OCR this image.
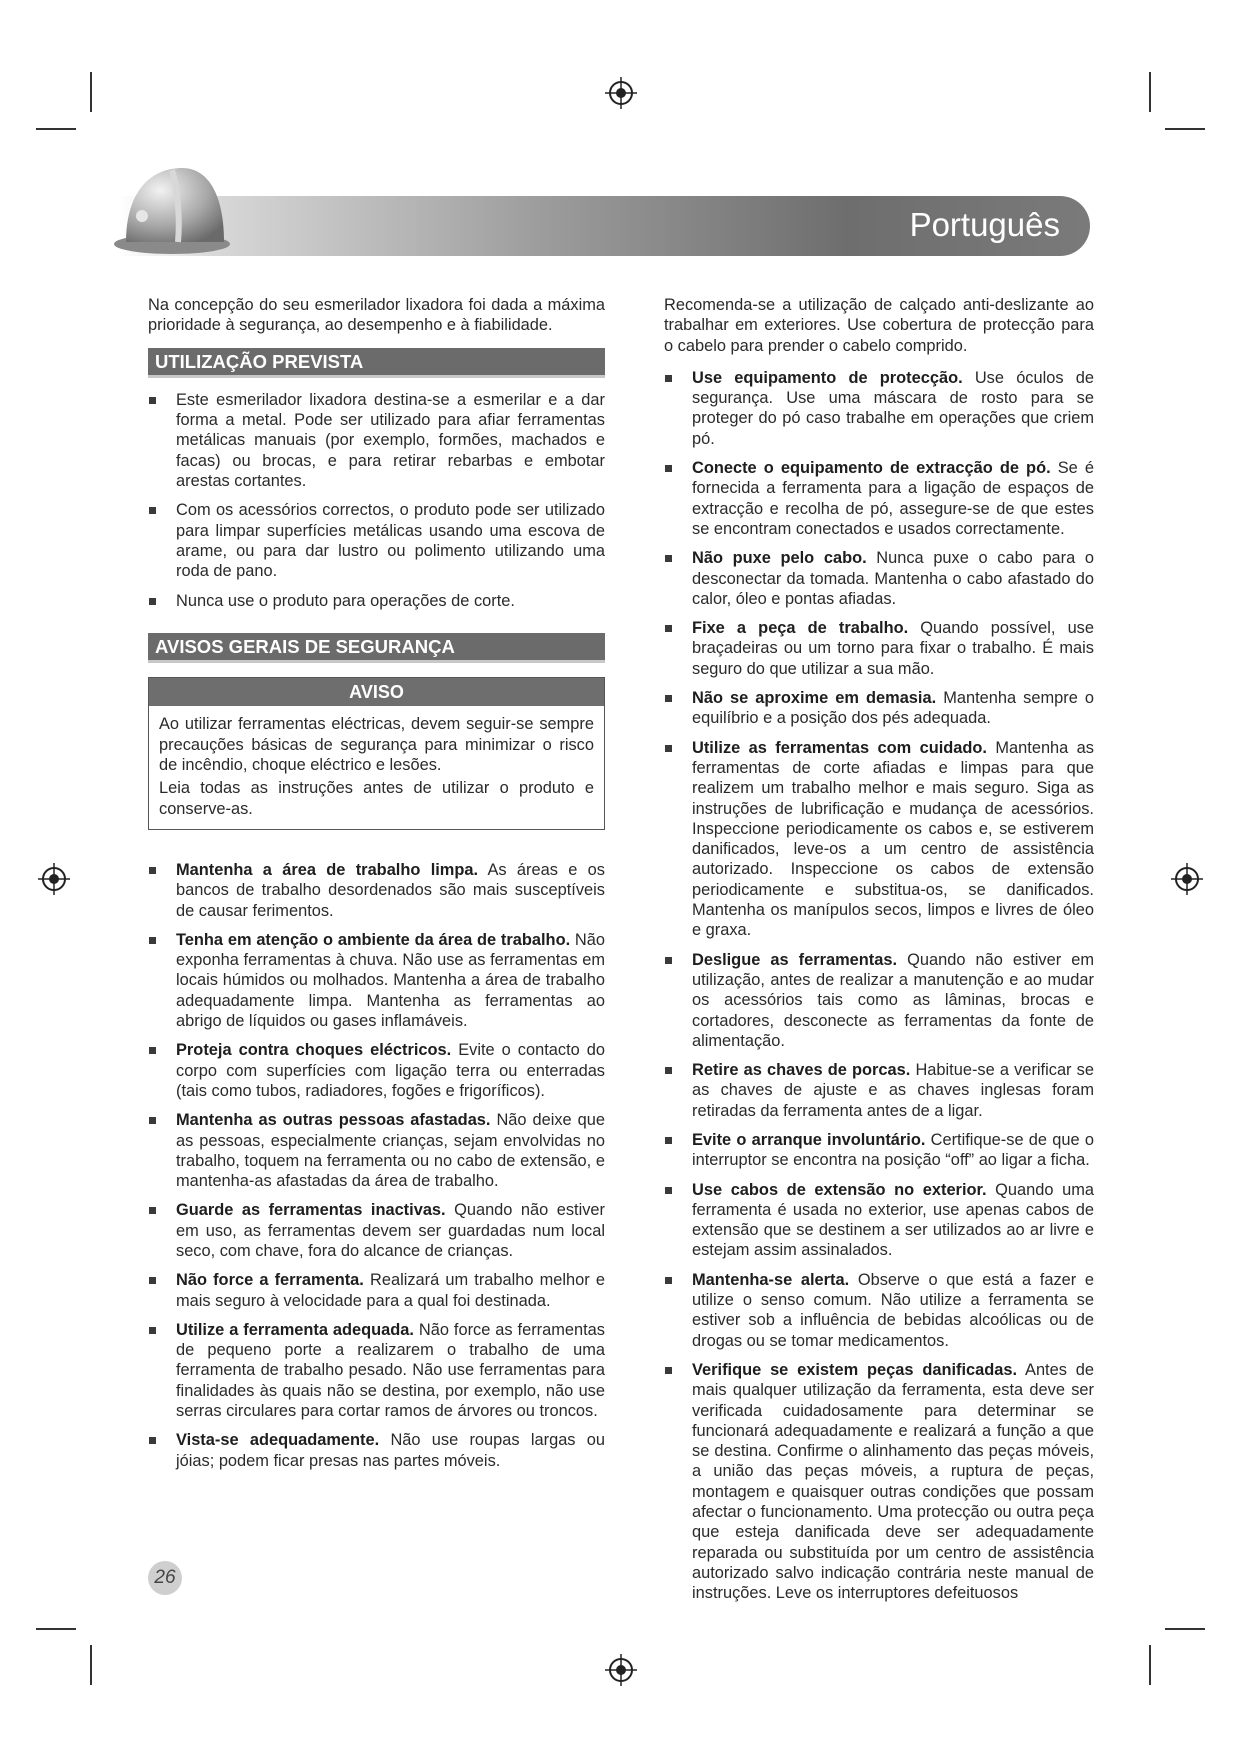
Português

Na concepção do seu esmerilador lixadora foi dada a máxima prioridade à segurança, ao desempenho e à fiabilidade.

UTILIZAÇÃO PREVISTA
Este esmerilador lixadora destina-se a esmerilar e a dar forma a metal. Pode ser utilizado para afiar ferramentas metálicas manuais (por exemplo, formões, machados e facas) ou brocas, e para retirar rebarbas e embotar arestas cortantes.
Com os acessórios correctos, o produto pode ser utilizado para limpar superfícies metálicas usando uma escova de arame, ou para dar lustro ou polimento utilizando uma roda de pano.
Nunca use o produto para operações de corte.
AVISOS GERAIS DE SEGURANÇA
AVISO

Ao utilizar ferramentas eléctricas, devem seguir-se sempre precauções básicas de segurança para minimizar o risco de incêndio, choque eléctrico e lesões.

Leia todas as instruções antes de utilizar o produto e conserve-as.

Mantenha a área de trabalho limpa. As áreas e os bancos de trabalho desordenados são mais susceptíveis de causar ferimentos.
Tenha em atenção o ambiente da área de trabalho. Não exponha ferramentas à chuva. Não use as ferramentas em locais húmidos ou molhados. Mantenha a área de trabalho adequadamente limpa. Mantenha as ferramentas ao abrigo de líquidos ou gases inflamáveis.
Proteja contra choques eléctricos. Evite o contacto do corpo com superfícies com ligação terra ou enterradas (tais como tubos, radiadores, fogões e frigoríficos).
Mantenha as outras pessoas afastadas. Não deixe que as pessoas, especialmente crianças, sejam envolvidas no trabalho, toquem na ferramenta ou no cabo de extensão, e mantenha-as afastadas da área de trabalho.
Guarde as ferramentas inactivas. Quando não estiver em uso, as ferramentas devem ser guardadas num local seco, com chave, fora do alcance de crianças.
Não force a ferramenta. Realizará um trabalho melhor e mais seguro à velocidade para a qual foi destinada.
Utilize a ferramenta adequada. Não force as ferramentas de pequeno porte a realizarem o trabalho de uma ferramenta de trabalho pesado. Não use ferramentas para finalidades às quais não se destina, por exemplo, não use serras circulares para cortar ramos de árvores ou troncos.
Vista-se adequadamente. Não use roupas largas ou jóias; podem ficar presas nas partes móveis.

Recomenda-se a utilização de calçado anti-deslizante ao trabalhar em exteriores. Use cobertura de protecção para o cabelo para prender o cabelo comprido.

Use equipamento de protecção. Use óculos de segurança. Use uma máscara de rosto para se proteger do pó caso trabalhe em operações que criem pó.
Conecte o equipamento de extracção de pó. Se é fornecida a ferramenta para a ligação de espaços de extracção e recolha de pó, assegure-se de que estes se encontram conectados e usados correctamente.
Não puxe pelo cabo. Nunca puxe o cabo para o desconectar da tomada. Mantenha o cabo afastado do calor, óleo e pontas afiadas.
Fixe a peça de trabalho. Quando possível, use braçadeiras ou um torno para fixar o trabalho. É mais seguro do que utilizar a sua mão.
Não se aproxime em demasia. Mantenha sempre o equilíbrio e a posição dos pés adequada.
Utilize as ferramentas com cuidado. Mantenha as ferramentas de corte afiadas e limpas para que realizem um trabalho melhor e mais seguro. Siga as instruções de lubrificação e mudança de acessórios. Inspeccione periodicamente os cabos e, se estiverem danificados, leve-os a um centro de assistência autorizado. Inspeccione os cabos de extensão periodicamente e substitua-os, se danificados. Mantenha os manípulos secos, limpos e livres de óleo e graxa.
Desligue as ferramentas. Quando não estiver em utilização, antes de realizar a manutenção e ao mudar os acessórios tais como as lâminas, brocas e cortadores, desconecte as ferramentas da fonte de alimentação.
Retire as chaves de porcas. Habitue-se a verificar se as chaves de ajuste e as chaves inglesas foram retiradas da ferramenta antes de a ligar.
Evite o arranque involuntário. Certifique-se de que o interruptor se encontra na posição “off” ao ligar a ficha.
Use cabos de extensão no exterior. Quando uma ferramenta é usada no exterior, use apenas cabos de extensão que se destinem a ser utilizados ao ar livre e estejam assim assinalados.
Mantenha-se alerta. Observe o que está a fazer e utilize o senso comum. Não utilize a ferramenta se estiver sob a influência de bebidas alcoólicas ou de drogas ou se tomar medicamentos.
Verifique se existem peças danificadas. Antes de mais qualquer utilização da ferramenta, esta deve ser verificada cuidadosamente para determinar se funcionará adequadamente e realizará a função a que se destina. Confirme o alinhamento das peças móveis, a união das peças móveis, a ruptura de peças, montagem e quaisquer outras condições que possam afectar o funcionamento. Uma protecção ou outra peça que esteja danificada deve ser adequadamente reparada ou substituída por um centro de assistência autorizado salvo indicação contrária neste manual de instruções. Leve os interruptores defeituosos
26
